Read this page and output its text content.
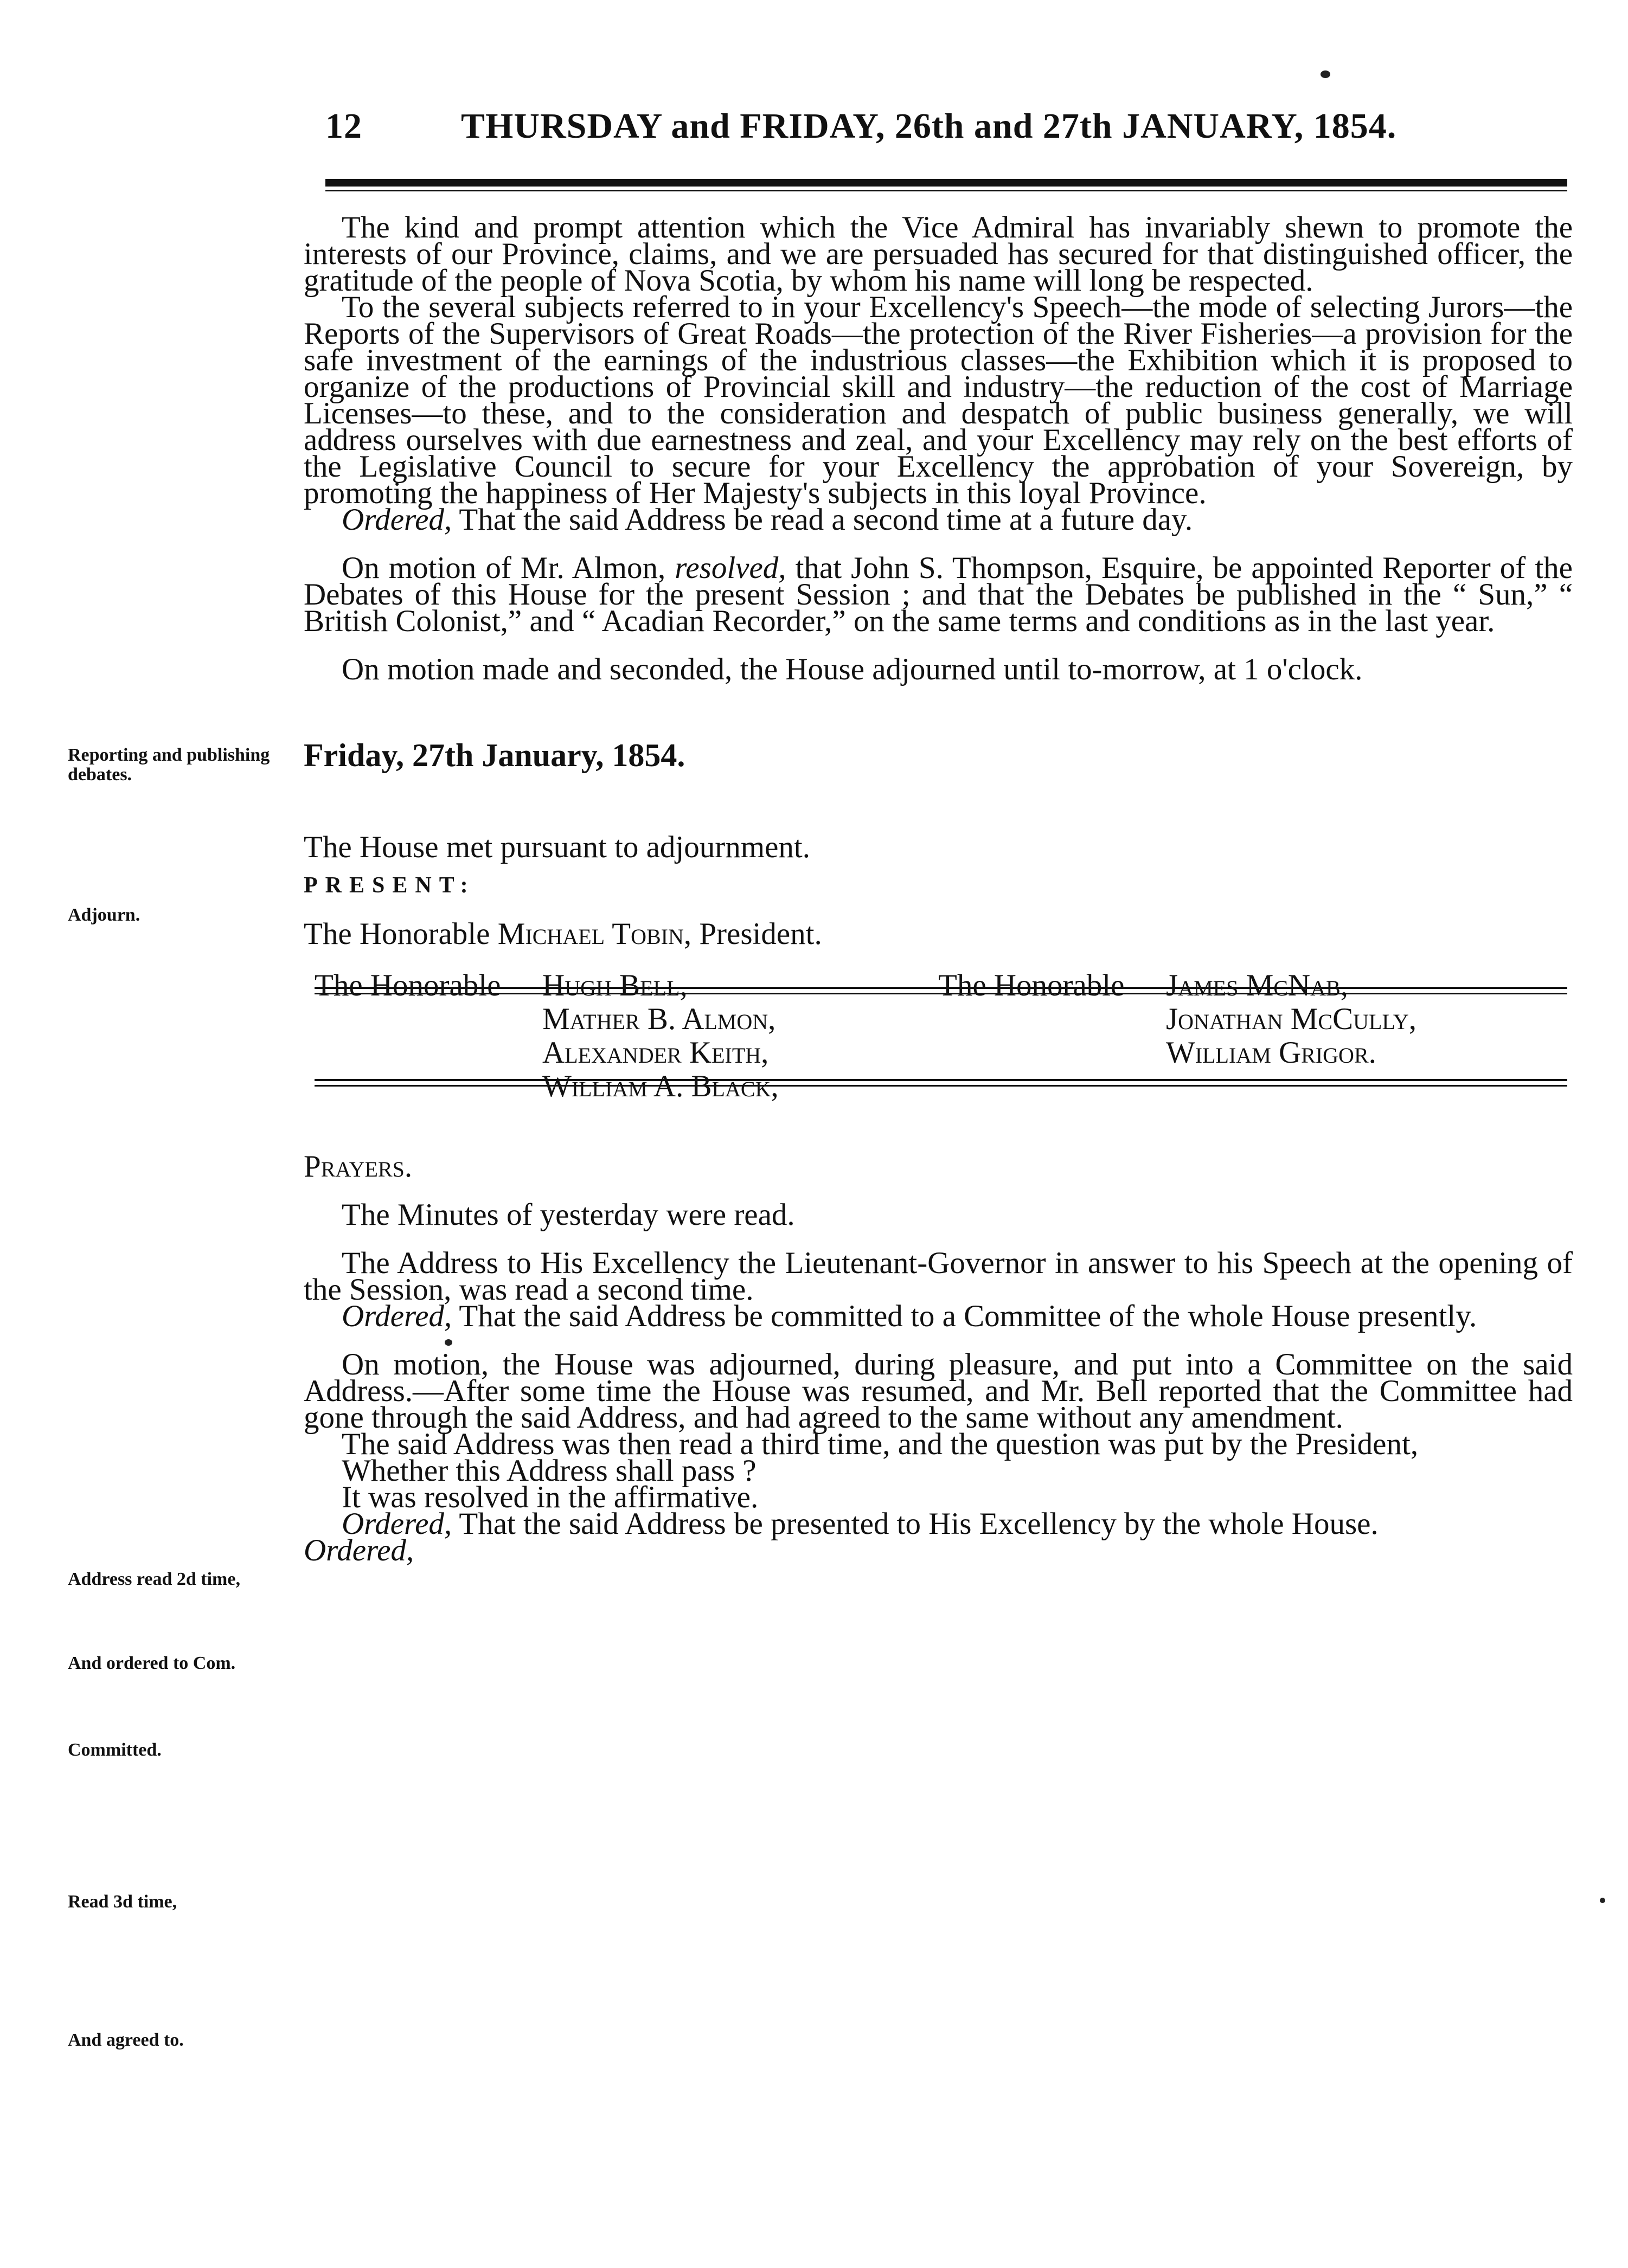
12	THURSDAY and FRIDAY, 26th and 27th JANUARY, 1854.
Reporting and publishing debates.
Adjourn.
Address read 2d time,
And ordered to Com.
Committed.
Read 3d time,
And agreed to.

The kind and prompt attention which the Vice Admiral has invariably shewn to promote the interests of our Province, claims, and we are persuaded has secured for that distinguished officer, the gratitude of the people of Nova Scotia, by whom his name will long be respected.

To the several subjects referred to in your Excellency's Speech—the mode of selecting Jurors—the Reports of the Supervisors of Great Roads—the protection of the River Fisheries—a provision for the safe investment of the earnings of the industrious classes—the Exhibition which it is proposed to organize of the productions of Provincial skill and industry—the reduction of the cost of Marriage Licenses—to these, and to the consideration and despatch of public business generally, we will address ourselves with due earnestness and zeal, and your Excellency may rely on the best efforts of the Legislative Council to secure for your Excellency the approbation of your Sovereign, by promoting the happiness of Her Majesty's subjects in this loyal Province.

Ordered, That the said Address be read a second time at a future day.

On motion of Mr. Almon, resolved, that John S. Thompson, Esquire, be appointed Reporter of the Debates of this House for the present Session ; and that the Debates be published in the “ Sun,” “ British Colonist,” and “ Acadian Recorder,” on the same terms and conditions as in the last year.

On motion made and seconded, the House adjourned until to-morrow, at 1 o'clock.

Friday, 27th January, 1854.

The House met pursuant to adjournment.

PRESENT:

The Honorable Michael Tobin, President.

The Honorable Hugh Bell,
Mather B. Almon,
Alexander Keith,
William A. Black,
The Honorable James McNab,
Jonathan McCully,
William Grigor.

Prayers.

The Minutes of yesterday were read.

The Address to His Excellency the Lieutenant-Governor in answer to his Speech at the opening of the Session, was read a second time.

Ordered, That the said Address be committed to a Committee of the whole House presently.

On motion, the House was adjourned, during pleasure, and put into a Committee on the said Address.—After some time the House was resumed, and Mr. Bell reported that the Committee had gone through the said Address, and had agreed to the same without any amendment.

The said Address was then read a third time, and the question was put by the President,

Whether this Address shall pass ?

It was resolved in the affirmative.

Ordered, That the said Address be presented to His Excellency by the whole House.

Ordered,
